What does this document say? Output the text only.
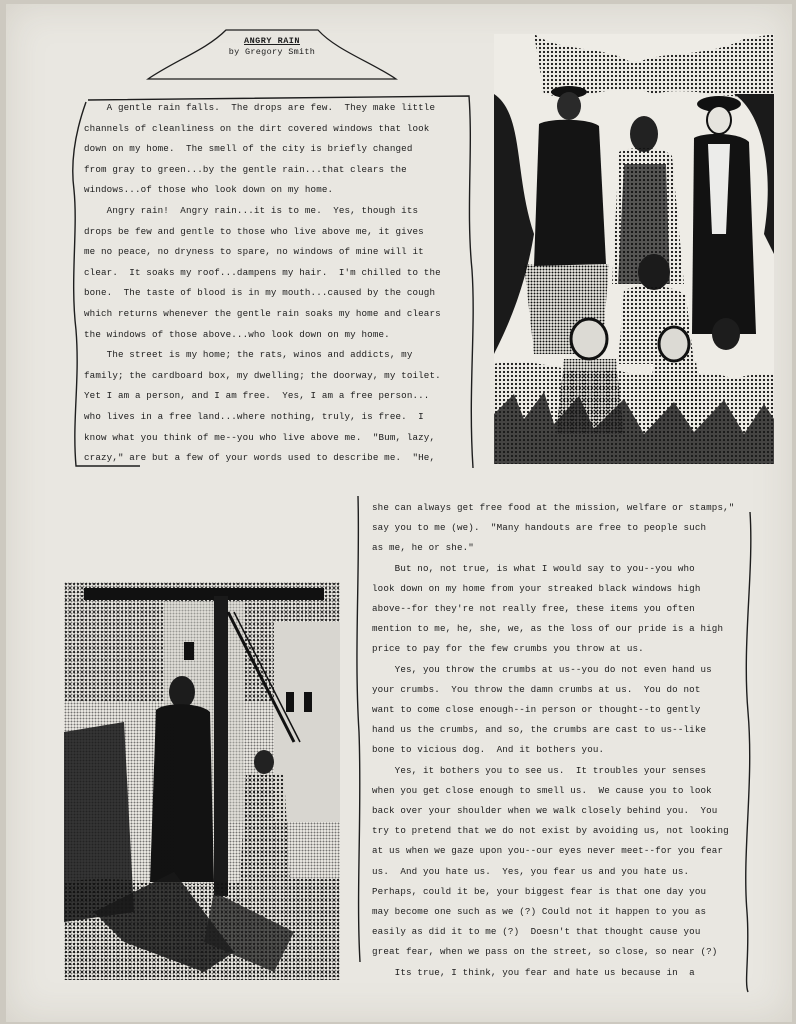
ANGRY RAIN
by Gregory Smith

A gentle rain falls.  The drops are few.  They make little

channels of cleanliness on the dirt covered windows that look

down on my home.  The smell of the city is briefly changed

from gray to green...by the gentle rain...that clears the

windows...of those who look down on my home.

Angry rain!  Angry rain...it is to me.  Yes, though its

drops be few and gentle to those who live above me, it gives

me no peace, no dryness to spare, no windows of mine will it

clear.  It soaks my roof...dampens my hair.  I'm chilled to the

bone.  The taste of blood is in my mouth...caused by the cough

which returns whenever the gentle rain soaks my home and clears

the windows of those above...who look down on my home.

The street is my home; the rats, winos and addicts, my

family; the cardboard box, my dwelling; the doorway, my toilet.

Yet I am a person, and I am free.  Yes, I am a free person...

who lives in a free land...where nothing, truly, is free.  I

know what you think of me--you who live above me.  "Bum, lazy,

crazy," are but a few of your words used to describe me.  "He,

she can always get free food at the mission, welfare or stamps,"

say you to me (we).  "Many handouts are free to people such

as me, he or she."

But no, not true, is what I would say to you--you who

look down on my home from your streaked black windows high

above--for they're not really free, these items you often

mention to me, he, she, we, as the loss of our pride is a high

price to pay for the few crumbs you throw at us.

Yes, you throw the crumbs at us--you do not even hand us

your crumbs.  You throw the damn crumbs at us.  You do not

want to come close enough--in person or thought--to gently

hand us the crumbs, and so, the crumbs are cast to us--like

bone to vicious dog.  And it bothers you.

Yes, it bothers you to see us.  It troubles your senses

when you get close enough to smell us.  We cause you to look

back over your shoulder when we walk closely behind you.  You

try to pretend that we do not exist by avoiding us, not looking

at us when we gaze upon you--our eyes never meet--for you fear

us.  And you hate us.  Yes, you fear us and you hate us.

Perhaps, could it be, your biggest fear is that one day you

may become one such as we (?) Could not it happen to you as

easily as did it to me (?)  Doesn't that thought cause you

great fear, when we pass on the street, so close, so near (?)

Its true, I think, you fear and hate us because in  a
